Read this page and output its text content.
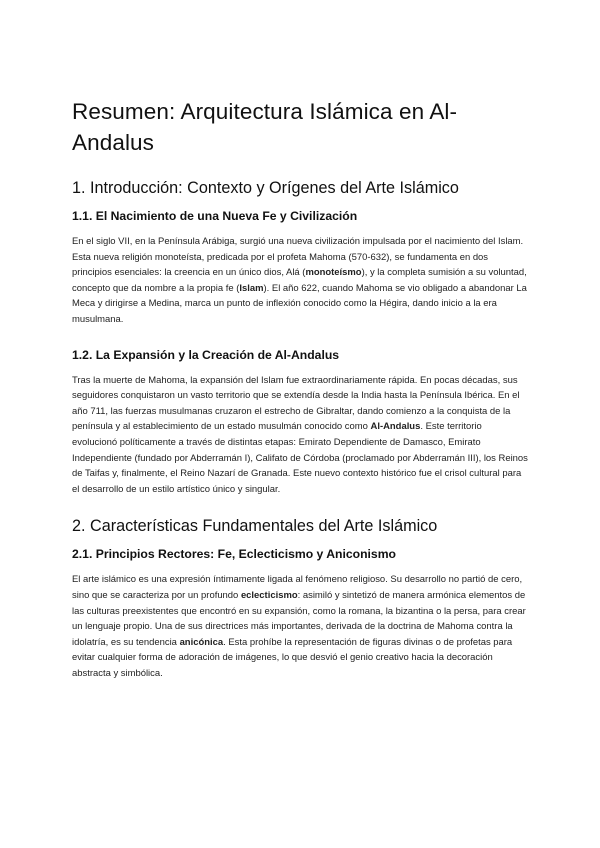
Resumen: Arquitectura Islámica en Al-Andalus
1. Introducción: Contexto y Orígenes del Arte Islámico
1.1. El Nacimiento de una Nueva Fe y Civilización

En el siglo VII, en la Península Arábiga, surgió una nueva civilización impulsada por el nacimiento del Islam. Esta nueva religión monoteísta, predicada por el profeta Mahoma (570-632), se fundamenta en dos principios esenciales: la creencia en un único dios, Alá (monoteísmo), y la completa sumisión a su voluntad, concepto que da nombre a la propia fe (Islam). El año 622, cuando Mahoma se vio obligado a abandonar La Meca y dirigirse a Medina, marca un punto de inflexión conocido como la Hégira, dando inicio a la era musulmana.

1.2. La Expansión y la Creación de Al-Andalus

Tras la muerte de Mahoma, la expansión del Islam fue extraordinariamente rápida. En pocas décadas, sus seguidores conquistaron un vasto territorio que se extendía desde la India hasta la Península Ibérica. En el año 711, las fuerzas musulmanas cruzaron el estrecho de Gibraltar, dando comienzo a la conquista de la península y al establecimiento de un estado musulmán conocido como Al-Andalus. Este territorio evolucionó políticamente a través de distintas etapas: Emirato Dependiente de Damasco, Emirato Independiente (fundado por Abderramán I), Califato de Córdoba (proclamado por Abderramán III), los Reinos de Taifas y, finalmente, el Reino Nazarí de Granada. Este nuevo contexto histórico fue el crisol cultural para el desarrollo de un estilo artístico único y singular.

2. Características Fundamentales del Arte Islámico
2.1. Principios Rectores: Fe, Eclecticismo y Aniconismo

El arte islámico es una expresión íntimamente ligada al fenómeno religioso. Su desarrollo no partió de cero, sino que se caracteriza por un profundo eclecticismo: asimiló y sintetizó de manera armónica elementos de las culturas preexistentes que encontró en su expansión, como la romana, la bizantina o la persa, para crear un lenguaje propio. Una de sus directrices más importantes, derivada de la doctrina de Mahoma contra la idolatría, es su tendencia anicónica. Esta prohíbe la representación de figuras divinas o de profetas para evitar cualquier forma de adoración de imágenes, lo que desvió el genio creativo hacia la decoración abstracta y simbólica.
